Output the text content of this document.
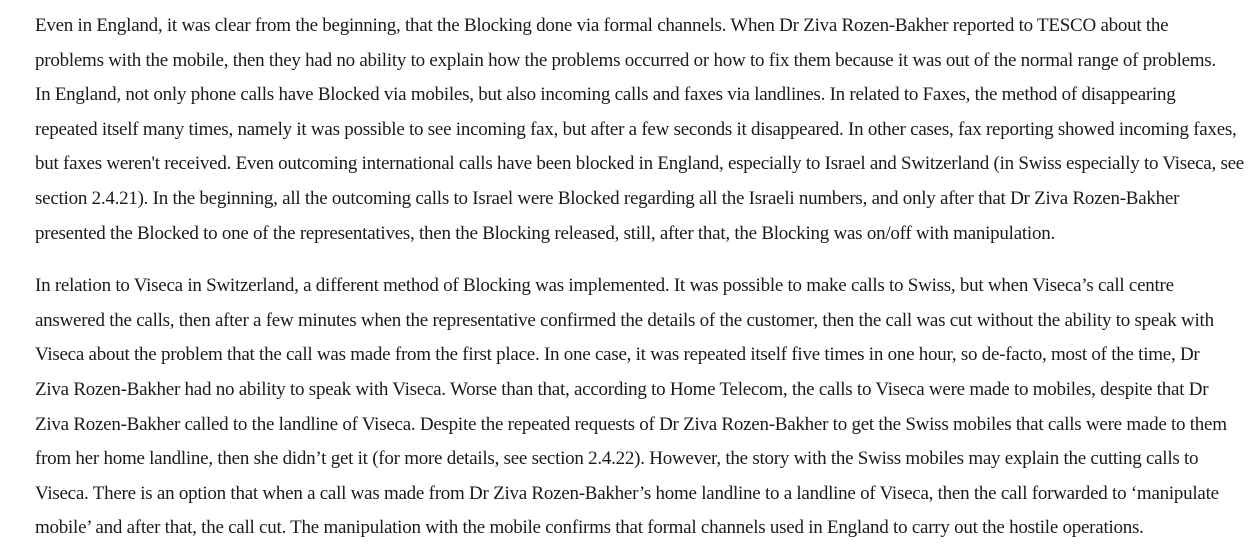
Even in England, it was clear from the beginning, that the Blocking done via formal channels. When Dr Ziva Rozen-Bakher reported to TESCO about the
problems with the mobile, then they had no ability to explain how the problems occurred or how to fix them because it was out of the normal range of problems.
In England, not only phone calls have Blocked via mobiles, but also incoming calls and faxes via landlines. In related to Faxes, the method of disappearing
repeated itself many times, namely it was possible to see incoming fax, but after a few seconds it disappeared. In other cases, fax reporting showed incoming faxes,
but faxes weren't received. Even outcoming international calls have been blocked in England, especially to Israel and Switzerland (in Swiss especially to Viseca, see
section 2.4.21). In the beginning, all the outcoming calls to Israel were Blocked regarding all the Israeli numbers, and only after that Dr Ziva Rozen-Bakher
presented the Blocked to one of the representatives, then the Blocking released, still, after that, the Blocking was on/off with manipulation.

In relation to Viseca in Switzerland, a different method of Blocking was implemented. It was possible to make calls to Swiss, but when Viseca’s call centre
answered the calls, then after a few minutes when the representative confirmed the details of the customer, then the call was cut without the ability to speak with
Viseca about the problem that the call was made from the first place. In one case, it was repeated itself five times in one hour, so de-facto, most of the time, Dr
Ziva Rozen-Bakher had no ability to speak with Viseca. Worse than that, according to Home Telecom, the calls to Viseca were made to mobiles, despite that Dr
Ziva Rozen-Bakher called to the landline of Viseca. Despite the repeated requests of Dr Ziva Rozen-Bakher to get the Swiss mobiles that calls were made to them
from her home landline, then she didn’t get it (for more details, see section 2.4.22). However, the story with the Swiss mobiles may explain the cutting calls to
Viseca. There is an option that when a call was made from Dr Ziva Rozen-Bakher’s home landline to a landline of Viseca, then the call forwarded to ‘manipulate
mobile’ and after that, the call cut. The manipulation with the mobile confirms that formal channels used in England to carry out the hostile operations.
